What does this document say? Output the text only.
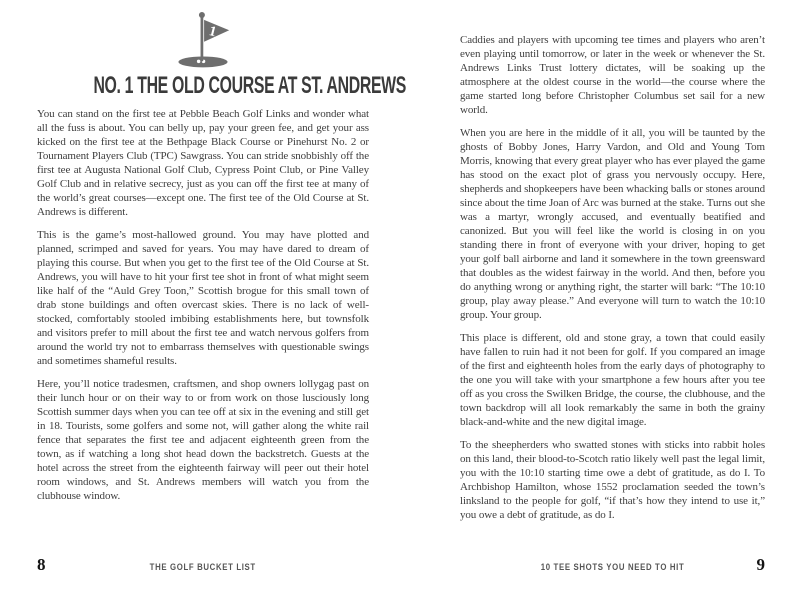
1
NO. 1 THE OLD COURSE AT ST. ANDREWS

You can stand on the first tee at Pebble Beach Golf Links and wonder what all the fuss is about. You can belly up, pay your green fee, and get your ass kicked on the first tee at the Bethpage Black Course or Pinehurst No. 2 or Tournament Players Club (TPC) Sawgrass. You can stride snobbishly off the first tee at Augusta National Golf Club, Cypress Point Club, or Pine Valley Golf Club and in relative secrecy, just as you can off the first tee at many of the world’s great courses—except one. The first tee of the Old Course at St. Andrews is different.

This is the game’s most-hallowed ground. You may have plotted and planned, scrimped and saved for years. You may have dared to dream of playing this course. But when you get to the first tee of the Old Course at St. Andrews, you will have to hit your first tee shot in front of what might seem like half of the “Auld Grey Toon,” Scottish brogue for this small town of drab stone buildings and often overcast skies. There is no lack of well-stocked, comfortably stooled imbibing establishments here, but townsfolk and visitors prefer to mill about the first tee and watch nervous golfers from around the world try not to embarrass themselves with questionable swings and sometimes shameful results.

Here, you’ll notice tradesmen, craftsmen, and shop owners lollygag past on their lunch hour or on their way to or from work on those lusciously long Scottish summer days when you can tee off at six in the evening and still get in 18. Tourists, some golfers and some not, will gather along the white rail fence that separates the first tee and adjacent eighteenth green from the town, as if watching a long shot head down the backstretch. Guests at the hotel across the street from the eighteenth fairway will peer out their hotel room windows, and St. Andrews members will watch you from the clubhouse window.

8	THE GOLF BUCKET LIST

Caddies and players with upcoming tee times and players who aren’t even playing until tomorrow, or later in the week or whenever the St. Andrews Links Trust lottery dictates, will be soaking up the atmosphere at the oldest course in the world—the course where the game started long before Christopher Columbus set sail for a new world.

When you are here in the middle of it all, you will be taunted by the ghosts of Bobby Jones, Harry Vardon, and Old and Young Tom Morris, knowing that every great player who has ever played the game has stood on the exact plot of grass you nervously occupy. Here, shepherds and shopkeepers have been whacking balls or stones around since about the time Joan of Arc was burned at the stake. Turns out she was a martyr, wrongly accused, and eventually beatified and canonized. But you will feel like the world is closing in on you standing there in front of everyone with your driver, hoping to get your golf ball airborne and land it somewhere in the town greensward that doubles as the widest fairway in the world. And then, before you do anything wrong or anything right, the starter will bark: “The 10:10 group, play away please.” And everyone will turn to watch the 10:10 group. Your group.

This place is different, old and stone gray, a town that could easily have fallen to ruin had it not been for golf. If you compared an image of the first and eighteenth holes from the early days of photography to the one you will take with your smartphone a few hours after you tee off as you cross the Swilken Bridge, the course, the clubhouse, and the town backdrop will all look remarkably the same in both the grainy black-and-white and the new digital image.

To the sheepherders who swatted stones with sticks into rabbit holes on this land, their blood-to-Scotch ratio likely well past the legal limit, you with the 10:10 starting time owe a debt of gratitude, as do I. To Archbishop Hamilton, whose 1552 proclamation seeded the town’s linksland to the people for golf, “if that’s how they intend to use it,” you owe a debt of gratitude, as do I.

10 TEE SHOTS YOU NEED TO HIT	9
